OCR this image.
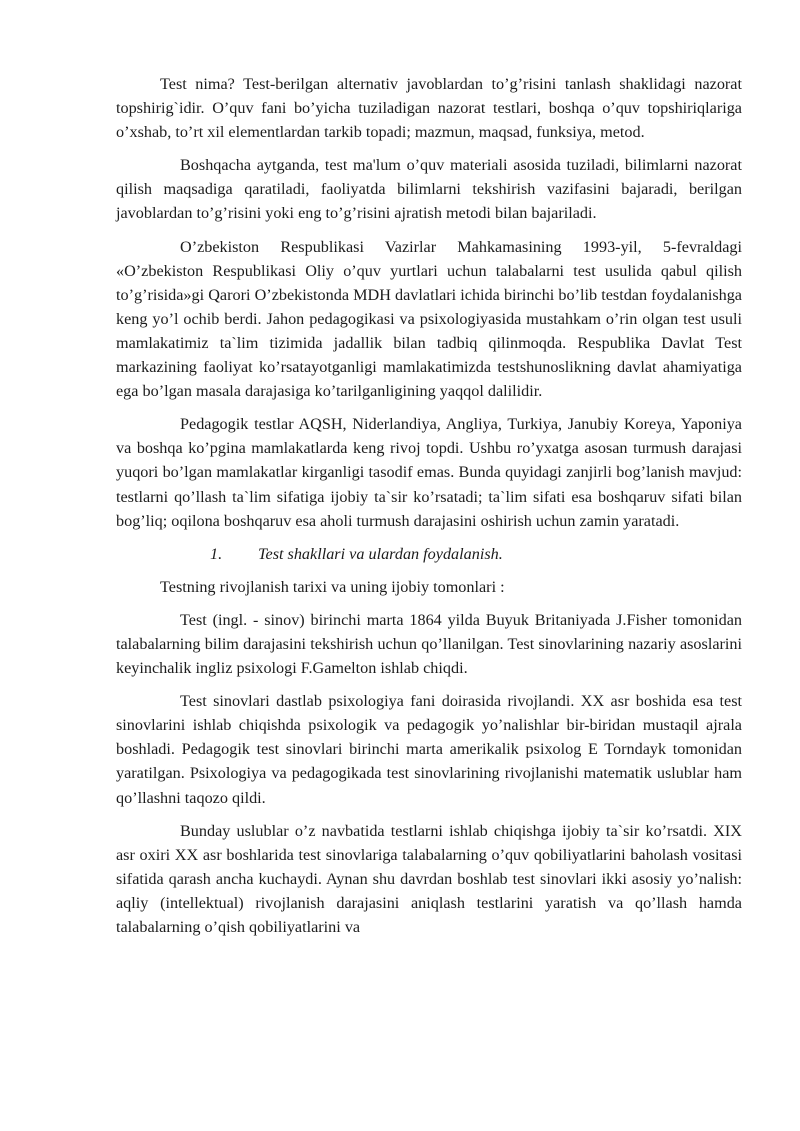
Test nima? Test-berilgan alternativ javoblardan to’g’risini tanlash shaklidagi nazorat topshirig`idir. O’quv fani bo’yicha tuziladigan nazorat testlari, boshqa o’quv topshiriqlariga o’xshab, to’rt xil elementlardan tarkib topadi; mazmun, maqsad, funksiya, metod.

Boshqacha aytganda, test ma'lum o’quv materiali asosida tuziladi, bilimlarni nazorat qilish maqsadiga qaratiladi, faoliyatda bilimlarni tekshirish vazifasini bajaradi, berilgan javoblardan to’g’risini yoki eng to’g’risini ajratish metodi bilan bajariladi.

O’zbekiston Respublikasi Vazirlar Mahkamasining 1993-yil, 5-fevraldagi «O’zbekiston Respublikasi Oliy o’quv yurtlari uchun talabalarni test usulida qabul qilish to’g’risida»gi Qarori O’zbekistonda MDH davlatlari ichida birinchi bo’lib testdan foydalanishga keng yo’l ochib berdi. Jahon pedagogikasi va psixologiyasida mustahkam o’rin olgan test usuli mamlakatimiz ta`lim tizimida jadallik bilan tadbiq qilinmoqda. Respublika Davlat Test markazining faoliyat ko’rsatayotganligi mamlakatimizda testshunoslikning davlat ahamiyatiga ega bo’lgan masala darajasiga ko’tarilganligining yaqqol dalilidir.

Pedagogik testlar AQSH, Niderlandiya, Angliya, Turkiya, Janubiy Koreya, Yaponiya va boshqa ko’pgina mamlakatlarda keng rivoj topdi. Ushbu ro’yxatga asosan turmush darajasi yuqori bo’lgan mamlakatlar kirganligi tasodif emas. Bunda quyidagi zanjirli bog’lanish mavjud: testlarni qo’llash ta`lim sifatiga ijobiy ta`sir ko’rsatadi; ta`lim sifati esa boshqaruv sifati bilan bog’liq; oqilona boshqaruv esa aholi turmush darajasini oshirish uchun zamin yaratadi.

1.	Test shakllari va ulardan foydalanish.

Testning rivojlanish tarixi va uning ijobiy tomonlari :

Test (ingl. - sinov) birinchi marta 1864 yilda Buyuk Britaniyada J.Fisher tomonidan talabalarning bilim darajasini tekshirish uchun qo’llanilgan. Test sinovlarining nazariy asoslarini keyinchalik ingliz psixologi F.Gamelton ishlab chiqdi.

Test sinovlari dastlab psixologiya fani doirasida rivojlandi. XX asr boshida esa test sinovlarini ishlab chiqishda psixologik va pedagogik yo’nalishlar bir-biridan mustaqil ajrala boshladi. Pedagogik test sinovlari birinchi marta amerikalik psixolog E Torndayk tomonidan yaratilgan. Psixologiya va pedagogikada test sinovlarining rivojlanishi matematik uslublar ham qo’llashni taqozo qildi.

Bunday uslublar o’z navbatida testlarni ishlab chiqishga ijobiy ta`sir ko’rsatdi. XIX asr oxiri XX asr boshlarida test sinovlariga talabalarning o’quv qobiliyatlarini baholash vositasi sifatida qarash ancha kuchaydi. Aynan shu davrdan boshlab test sinovlari ikki asosiy yo’nalish: aqliy (intellektual) rivojlanish darajasini aniqlash testlarini yaratish va qo’llash hamda talabalarning o’qish qobiliyatlarini va
